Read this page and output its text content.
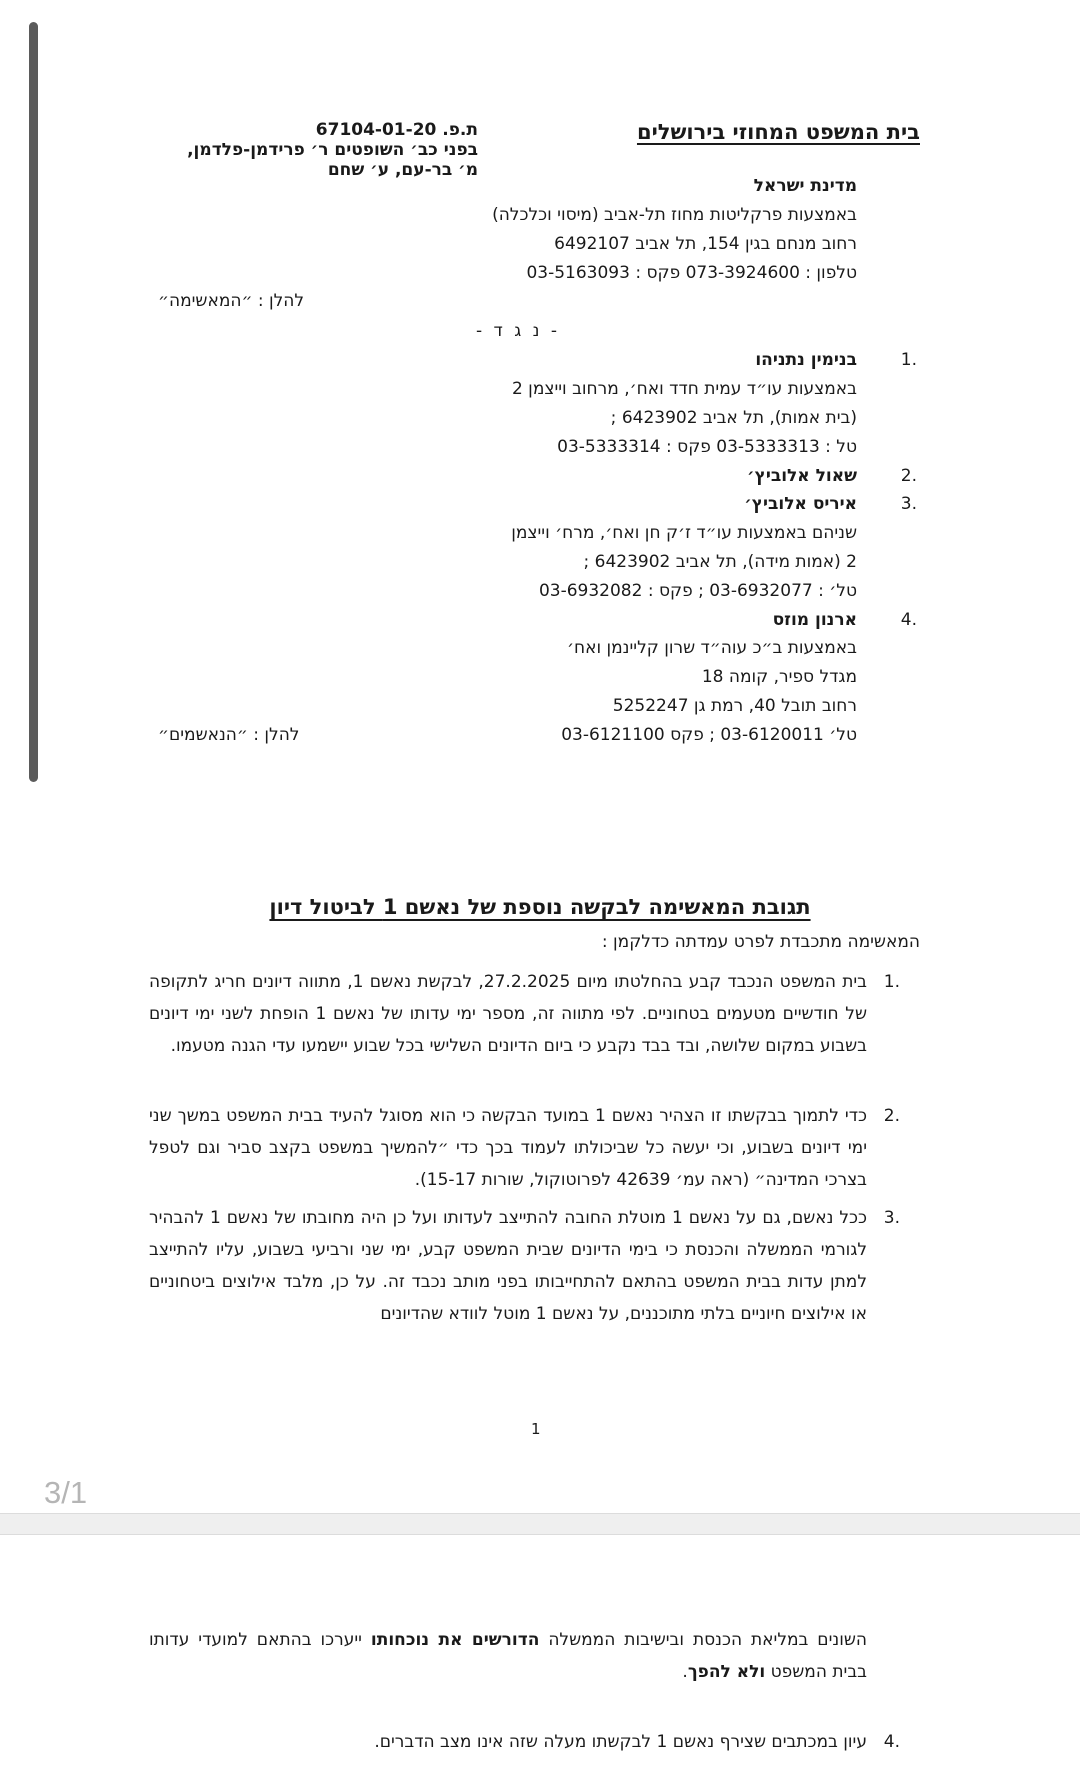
בית המשפט המחוזי בירושלים
ת.פ. 67104-01-20
בפני כב׳ השופטים ר׳ פרידמן-פלדמן,
מ׳ בר-עם, ע׳ שחם
מדינת ישראל
באמצעות פרקליטות מחוז תל-אביב (מיסוי וכלכלה)
רחוב מנחם בגין 154, תל אביב 6492107
טלפון : 073-3924600 פקס : 03-5163093
להלן : ״המאשימה״
- נ ג ד -
1.
בנימין נתניהו
באמצעות עו״ד עמית חדד ואח׳, מרחוב וייצמן 2
(בית אמות), תל אביב 6423902 ;
טל : 03-5333313 פקס : 03-5333314
2.
שאול אלוביץ׳
3.
איריס אלוביץ׳
שניהם באמצעות עו״ד ז׳ק חן ואח׳, מרח׳ וייצמן
2 (אמות מידה), תל אביב 6423902 ;
טל׳ : 03-6932077 ; פקס : 03-6932082
4.
ארנון מוזס
באמצעות ב״כ עוה״ד שרון קליינמן ואח׳
מגדל ספיר, קומה 18
רחוב תובל 40, רמת גן 5252247
טל׳ 03-6120011 ; פקס 03-6121100
להלן : ״הנאשמים״
תגובת המאשימה לבקשה נוספת של נאשם 1 לביטול דיון
המאשימה מתכבדת לפרט עמדתה כדלקמן :
1.
בית המשפט הנכבד קבע בהחלטתו מיום 27.2.2025, לבקשת נאשם 1, מתווה דיונים חריג לתקופה של חודשיים מטעמים בטחוניים. לפי מתווה זה, מספר ימי עדותו של נאשם 1 הופחת לשני ימי דיונים בשבוע במקום שלושה, ובד בבד נקבע כי ביום הדיונים השלישי בכל שבוע יישמעו עדי הגנה מטעמו.
2.
כדי לתמוך בבקשתו זו הצהיר נאשם 1 במועד הבקשה כי הוא מסוגל להעיד בבית המשפט במשך שני ימי דיונים בשבוע, וכי יעשה כל שביכולתו לעמוד בכך כדי ״להמשיך במשפט בקצב סביר וגם לטפל בצרכי המדינה״ (ראה עמ׳ 42639 לפרוטוקול, שורות 15-17).
3.
ככל נאשם, גם על נאשם 1 מוטלת החובה להתייצב לעדותו ועל כן היה מחובתו של נאשם 1 להבהיר לגורמי הממשלה והכנסת כי בימי הדיונים שבית המשפט קבע, ימי שני ורביעי בשבוע, עליו להתייצב למתן עדות בבית המשפט בהתאם להתחייבותו בפני מותב נכבד זה. על כן, מלבד אילוצים ביטחוניים או אילוצים חיוניים בלתי מתוכננים, על נאשם 1 מוטל לוודא שהדיונים
1
3/1
השונים במליאת הכנסת ובישיבות הממשלה הדורשים את נוכחותו ייערכו בהתאם למועדי עדותו בבית המשפט ולא להפך.
4.
עיון במכתבים שצירף נאשם 1 לבקשתו מעלה שזה אינו מצב הדברים.
